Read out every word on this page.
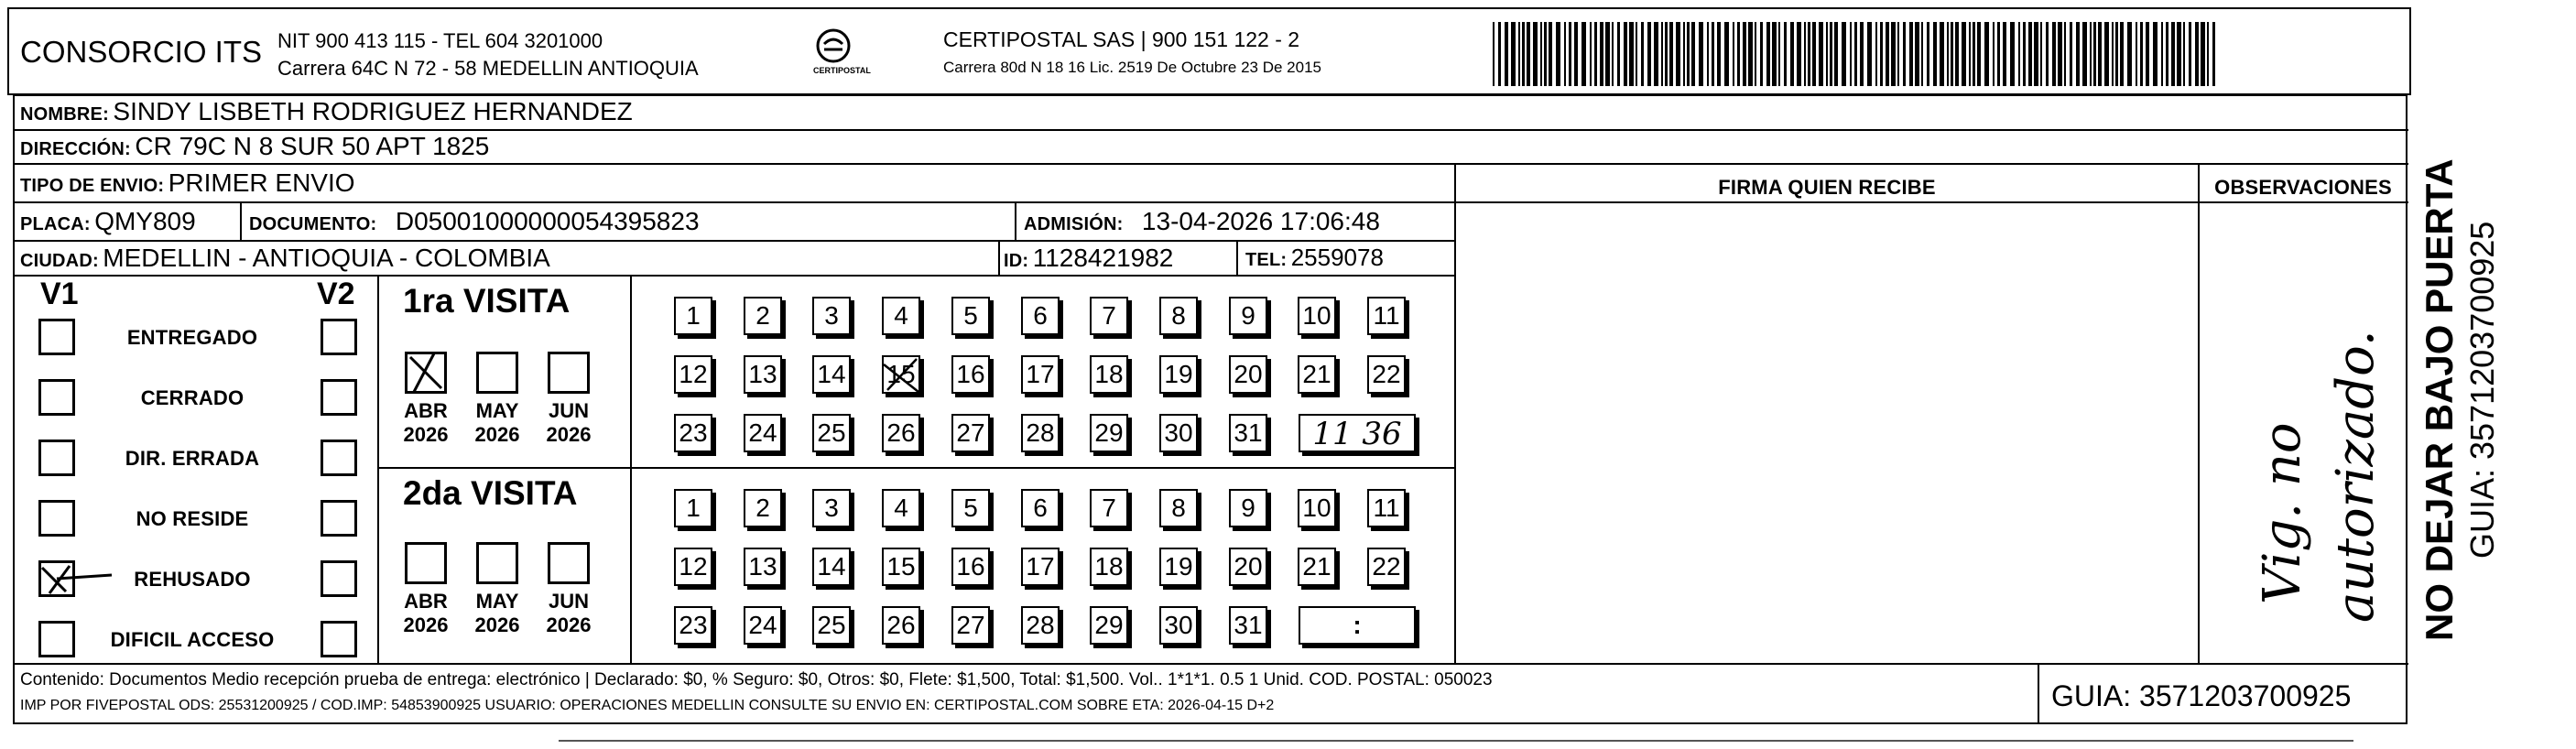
CONSORCIO ITS NIT 900 413 115 - TEL 604 3201000
Carrera 64C N 72 - 58 MEDELLIN ANTIOQUIA	CERTIPOSTAL
CERTIPOSTAL SAS | 900 151 122 - 2
Carrera 80d N 18 16 Lic. 2519 De Octubre 23 De 2015
NOMBRE: SINDY LISBETH RODRIGUEZ HERNANDEZ
DIRECCIÓN: CR 79C N 8 SUR 50 APT 1825
TIPO DE ENVIO: PRIMER ENVIO	FIRMA QUIEN RECIBE	OBSERVACIONES
PLACA: QMY809	DOCUMENTO: D05001000000054395823	ADMISIÓN: 13-04-2026 17:06:48
CIUDAD: MEDELLIN - ANTIOQUIA - COLOMBIA	ID: 1128421982	TEL: 2559078
V1	V2
ENTREGADO
CERRADO
DIR. ERRADA
NO RESIDE
REHUSADO
DIFICIL ACCESO
1ra VISITA
2da VISITA
ABR
2026
MAY
2026
JUN
2026
ABR
2026
MAY
2026
JUN
2026
1	2	3	4	5	6	7	8	9	10 11
12 13 14 15 16 17 18 19 20 21 22
23 24 25 26 27 28 29 30 31
1	2	3	4	5	6	7	8	9	10 11
12 13 14 15 16 17 18 19 20 21 22
23 24 25 26 27 28 29 30 31
11 36
:
Vig. no autorizado.
Contenido: Documentos Medio recepción prueba de entrega: electrónico | Declarado: $0, % Seguro: $0, Otros: $0, Flete: $1,500, Total: $1,500. Vol.. 1*1*1. 0.5 1 Unid. COD. POSTAL: 050023
IMP POR FIVEPOSTAL ODS: 25531200925 / COD.IMP: 54853900925 USUARIO: OPERACIONES MEDELLIN CONSULTE SU ENVIO EN: CERTIPOSTAL.COM SOBRE ETA: 2026-04-15 D+2	GUIA: 3571203700925
NO DEJAR BAJO PUERTA GUIA: 3571203700925
